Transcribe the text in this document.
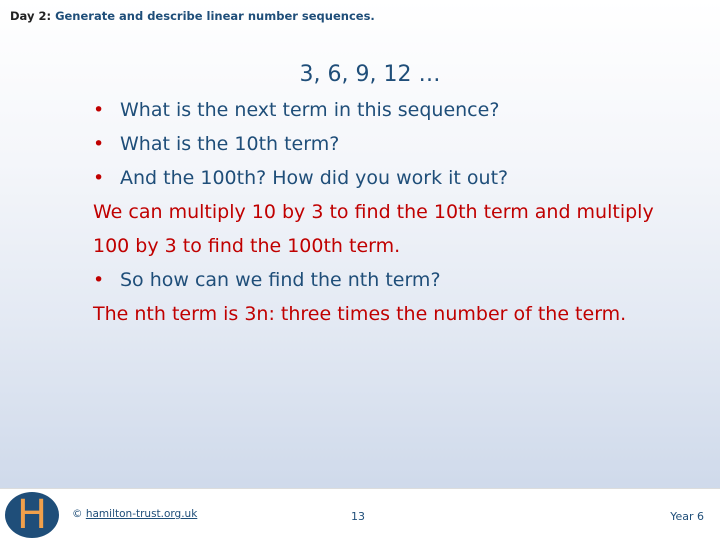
Day 2: Generate and describe linear number sequences.
3, 6, 9, 12 …
• What is the next term in this sequence?
• What is the 10th term?
• And the 100th? How did you work it out?
We can multiply 10 by 3 to find the 10th term and multiply 100 by 3 to find the 100th term.
• So how can we find the nth term?
The nth term is 3n: three times the number of the term.
H	© hamilton-trust.org.uk	13	Year 6
